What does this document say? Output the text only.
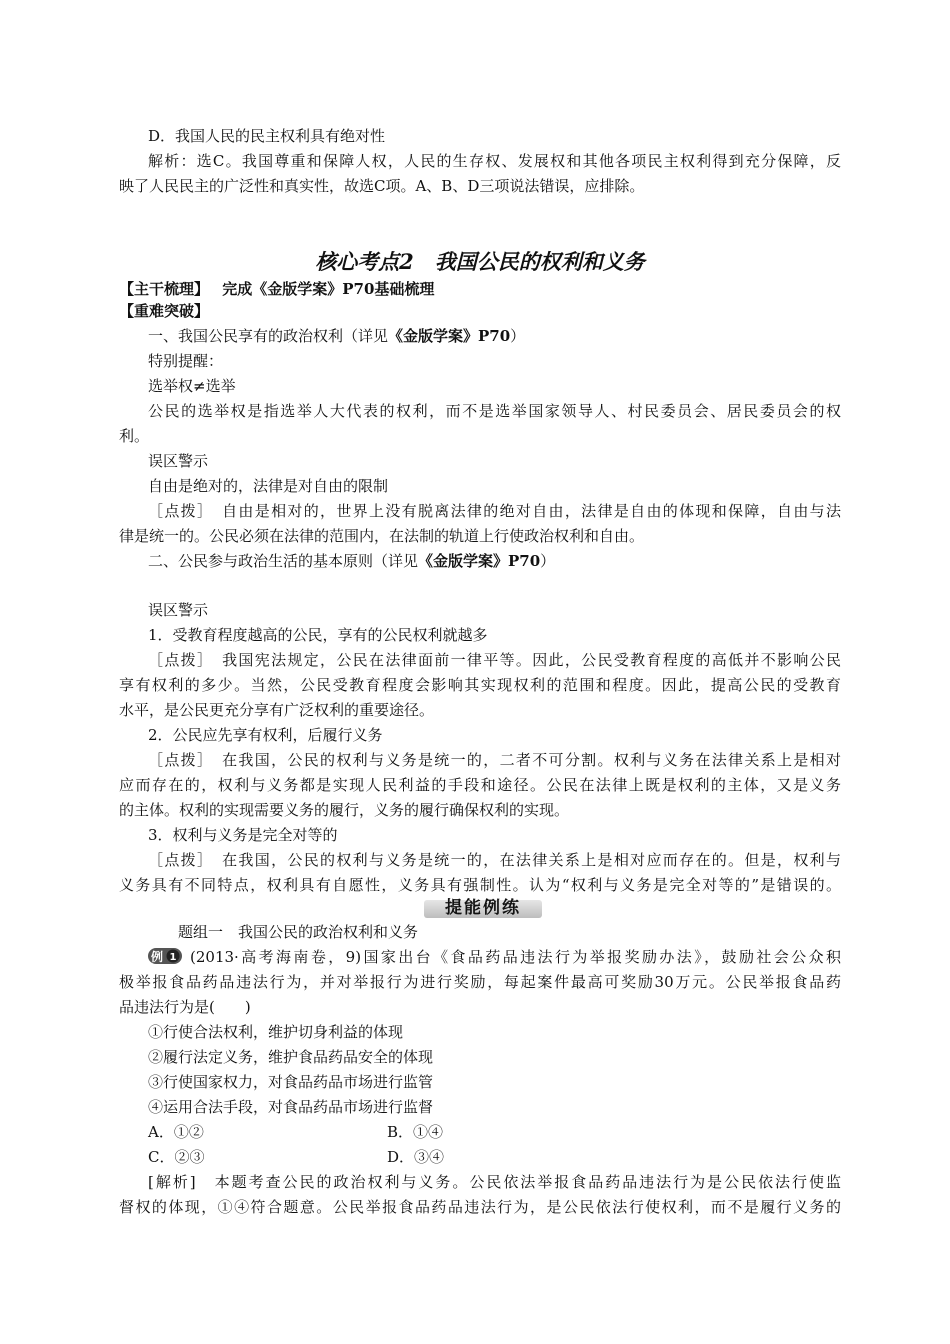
D．我国人民的民主权利具有绝对性

解析：选C。我国尊重和保障人权，人民的生存权、发展权和其他各项民主权利得到充分保障，反

映了人民民主的广泛性和真实性，故选C项。A、B、D三项说法错误，应排除。

核心考点2　我国公民的权利和义务

【主干梳理】 完成《金版学案》P70基础梳理

【重难突破】

一、我国公民享有的政治权利（详见《金版学案》P70）

特别提醒：

选举权≠选举

公民的选举权是指选举人大代表的权利，而不是选举国家领导人、村民委员会、居民委员会的权

利。

误区警示

自由是绝对的，法律是对自由的限制

［点拨］　自由是相对的，世界上没有脱离法律的绝对自由，法律是自由的体现和保障，自由与法

律是统一的。公民必须在法律的范围内，在法制的轨道上行使政治权利和自由。

二、公民参与政治生活的基本原则（详见《金版学案》P70）

误区警示

1．受教育程度越高的公民，享有的公民权利就越多

［点拨］　我国宪法规定，公民在法律面前一律平等。因此，公民受教育程度的高低并不影响公民

享有权利的多少。当然，公民受教育程度会影响其实现权利的范围和程度。因此，提高公民的受教育

水平，是公民更充分享有广泛权利的重要途径。

2．公民应先享有权利，后履行义务

［点拨］　在我国，公民的权利与义务是统一的，二者不可分割。权利与义务在法律关系上是相对

应而存在的，权利与义务都是实现人民利益的手段和途径。公民在法律上既是权利的主体，又是义务

的主体。权利的实现需要义务的履行，义务的履行确保权利的实现。

3．权利与义务是完全对等的

［点拨］　在我国，公民的权利与义务是统一的，在法律关系上是相对应而存在的。但是，权利与

义务具有不同特点，权利具有自愿性，义务具有强制性。认为“权利与义务是完全对等的”是错误的。

提能例练

题组一　我国公民的政治权利和义务

例 1 (2013·高考海南卷，9)国家出台《食品药品违法行为举报奖励办法》，鼓励社会公众积

极举报食品药品违法行为，并对举报行为进行奖励，每起案件最高可奖励30万元。公民举报食品药

品违法行为是(　　)

①行使合法权利，维护切身利益的体现

②履行法定义务，维护食品药品安全的体现

③行使国家权力，对食品药品市场进行监管

④运用合法手段，对食品药品市场进行监督

A．①②	B．①④

C．②③	D．③④

[解析]　本题考查公民的政治权利与义务。公民依法举报食品药品违法行为是公民依法行使监

督权的体现，①④符合题意。公民举报食品药品违法行为，是公民依法行使权利，而不是履行义务的
